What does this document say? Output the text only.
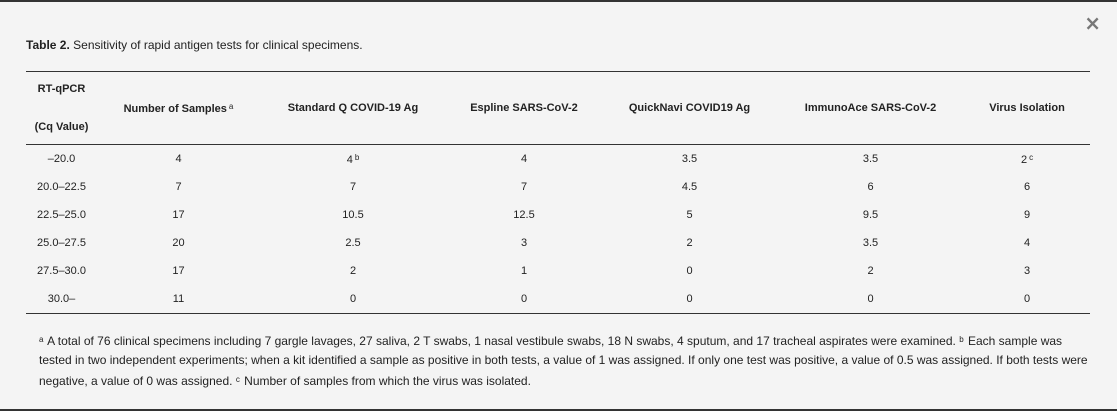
×
Table 2. Sensitivity of rapid antigen tests for clinical specimens.
RT-qPCR
(Cq Value)	Number of Samples $^a$	Standard Q COVID-19 Ag	Espline SARS-CoV-2	QuickNavi COVID19 Ag	ImmunoAce SARS-CoV-2	Virus Isolation
–20.0	4	4 $^b$	4	3.5	3.5	2 $^c$
20.0–22.5	7	7	7	4.5	6	6
22.5–25.0	17	10.5	12.5	5	9.5	9
25.0–27.5	20	2.5	3	2	3.5	4
27.5–30.0	17	2	1	0	2	3
30.0–	11	0	0	0	0	0
$^a$ A total of 76 clinical specimens including 7 gargle lavages, 27 saliva, 2 T swabs, 1 nasal vestibule swabs, 18 N swabs, 4 sputum, and 17 tracheal aspirates were examined. $^b$ Each sample was tested in two independent experiments; when a kit identified a sample as positive in both tests, a value of 1 was assigned. If only one test was positive, a value of 0.5 was assigned. If both tests were negative, a value of 0 was assigned. $^c$ Number of samples from which the virus was isolated.
